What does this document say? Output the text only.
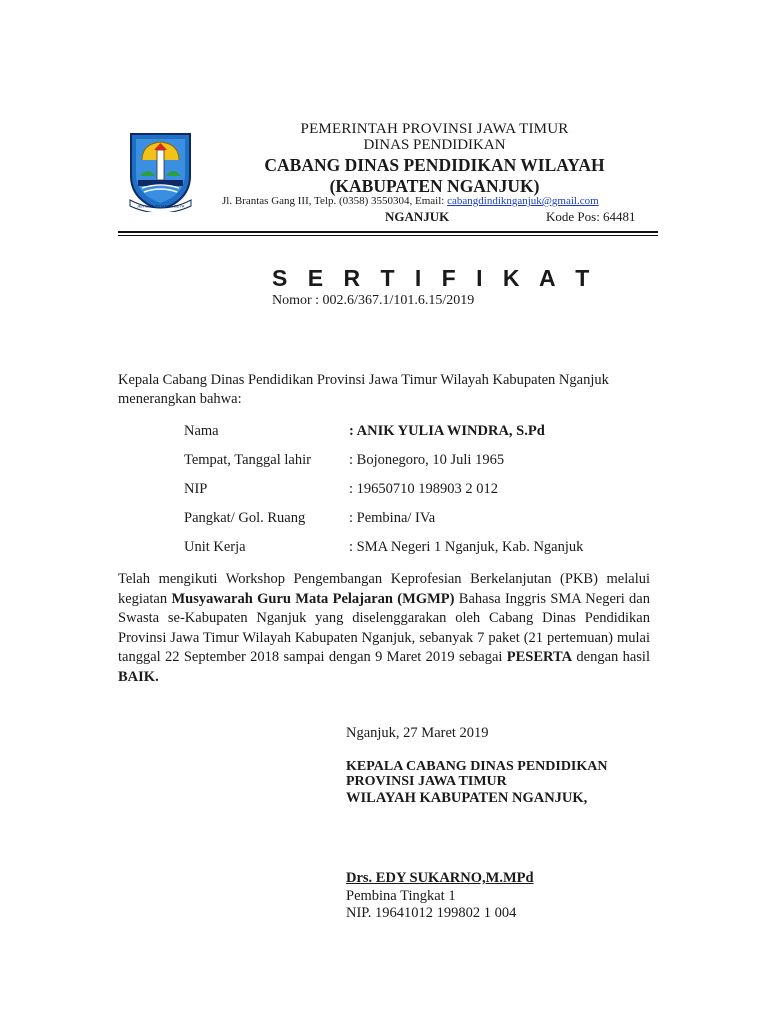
JER BASUKI MAWA BEYA
PEMERINTAH PROVINSI JAWA TIMUR
DINAS PENDIDIKAN
CABANG DINAS PENDIDIKAN WILAYAH
(KABUPATEN NGANJUK)
Jl. Brantas Gang III, Telp. (0358) 3550304, Email: cabangdindiknganjuk@gmail.com
NGANJUK	Kode Pos: 64481
S E R T I F I K A T
Nomor : 002.6/367.1/101.6.15/2019
Kepala Cabang Dinas Pendidikan Provinsi Jawa Timur Wilayah Kabupaten Nganjuk menerangkan bahwa:
Nama	: ANIK YULIA WINDRA, S.Pd
Tempat, Tanggal lahir	: Bojonegoro, 10 Juli 1965
NIP	: 19650710 198903 2 012
Pangkat/ Gol. Ruang	: Pembina/ IVa
Unit Kerja	: SMA Negeri 1 Nganjuk, Kab. Nganjuk
Telah mengikuti Workshop Pengembangan Keprofesian Berkelanjutan (PKB) melalui kegiatan Musyawarah Guru Mata Pelajaran (MGMP) Bahasa Inggris SMA Negeri dan Swasta se-Kabupaten Nganjuk yang diselenggarakan oleh Cabang Dinas Pendidikan Provinsi Jawa Timur Wilayah Kabupaten Nganjuk, sebanyak 7 paket (21 pertemuan) mulai tanggal 22 September 2018 sampai dengan 9 Maret 2019 sebagai PESERTA dengan hasil BAIK.
Nganjuk, 27 Maret 2019
KEPALA CABANG DINAS PENDIDIKAN
PROVINSI JAWA TIMUR
WILAYAH KABUPATEN NGANJUK,
Drs. EDY SUKARNO,M.MPd
Pembina Tingkat 1
NIP. 19641012 199802 1 004
